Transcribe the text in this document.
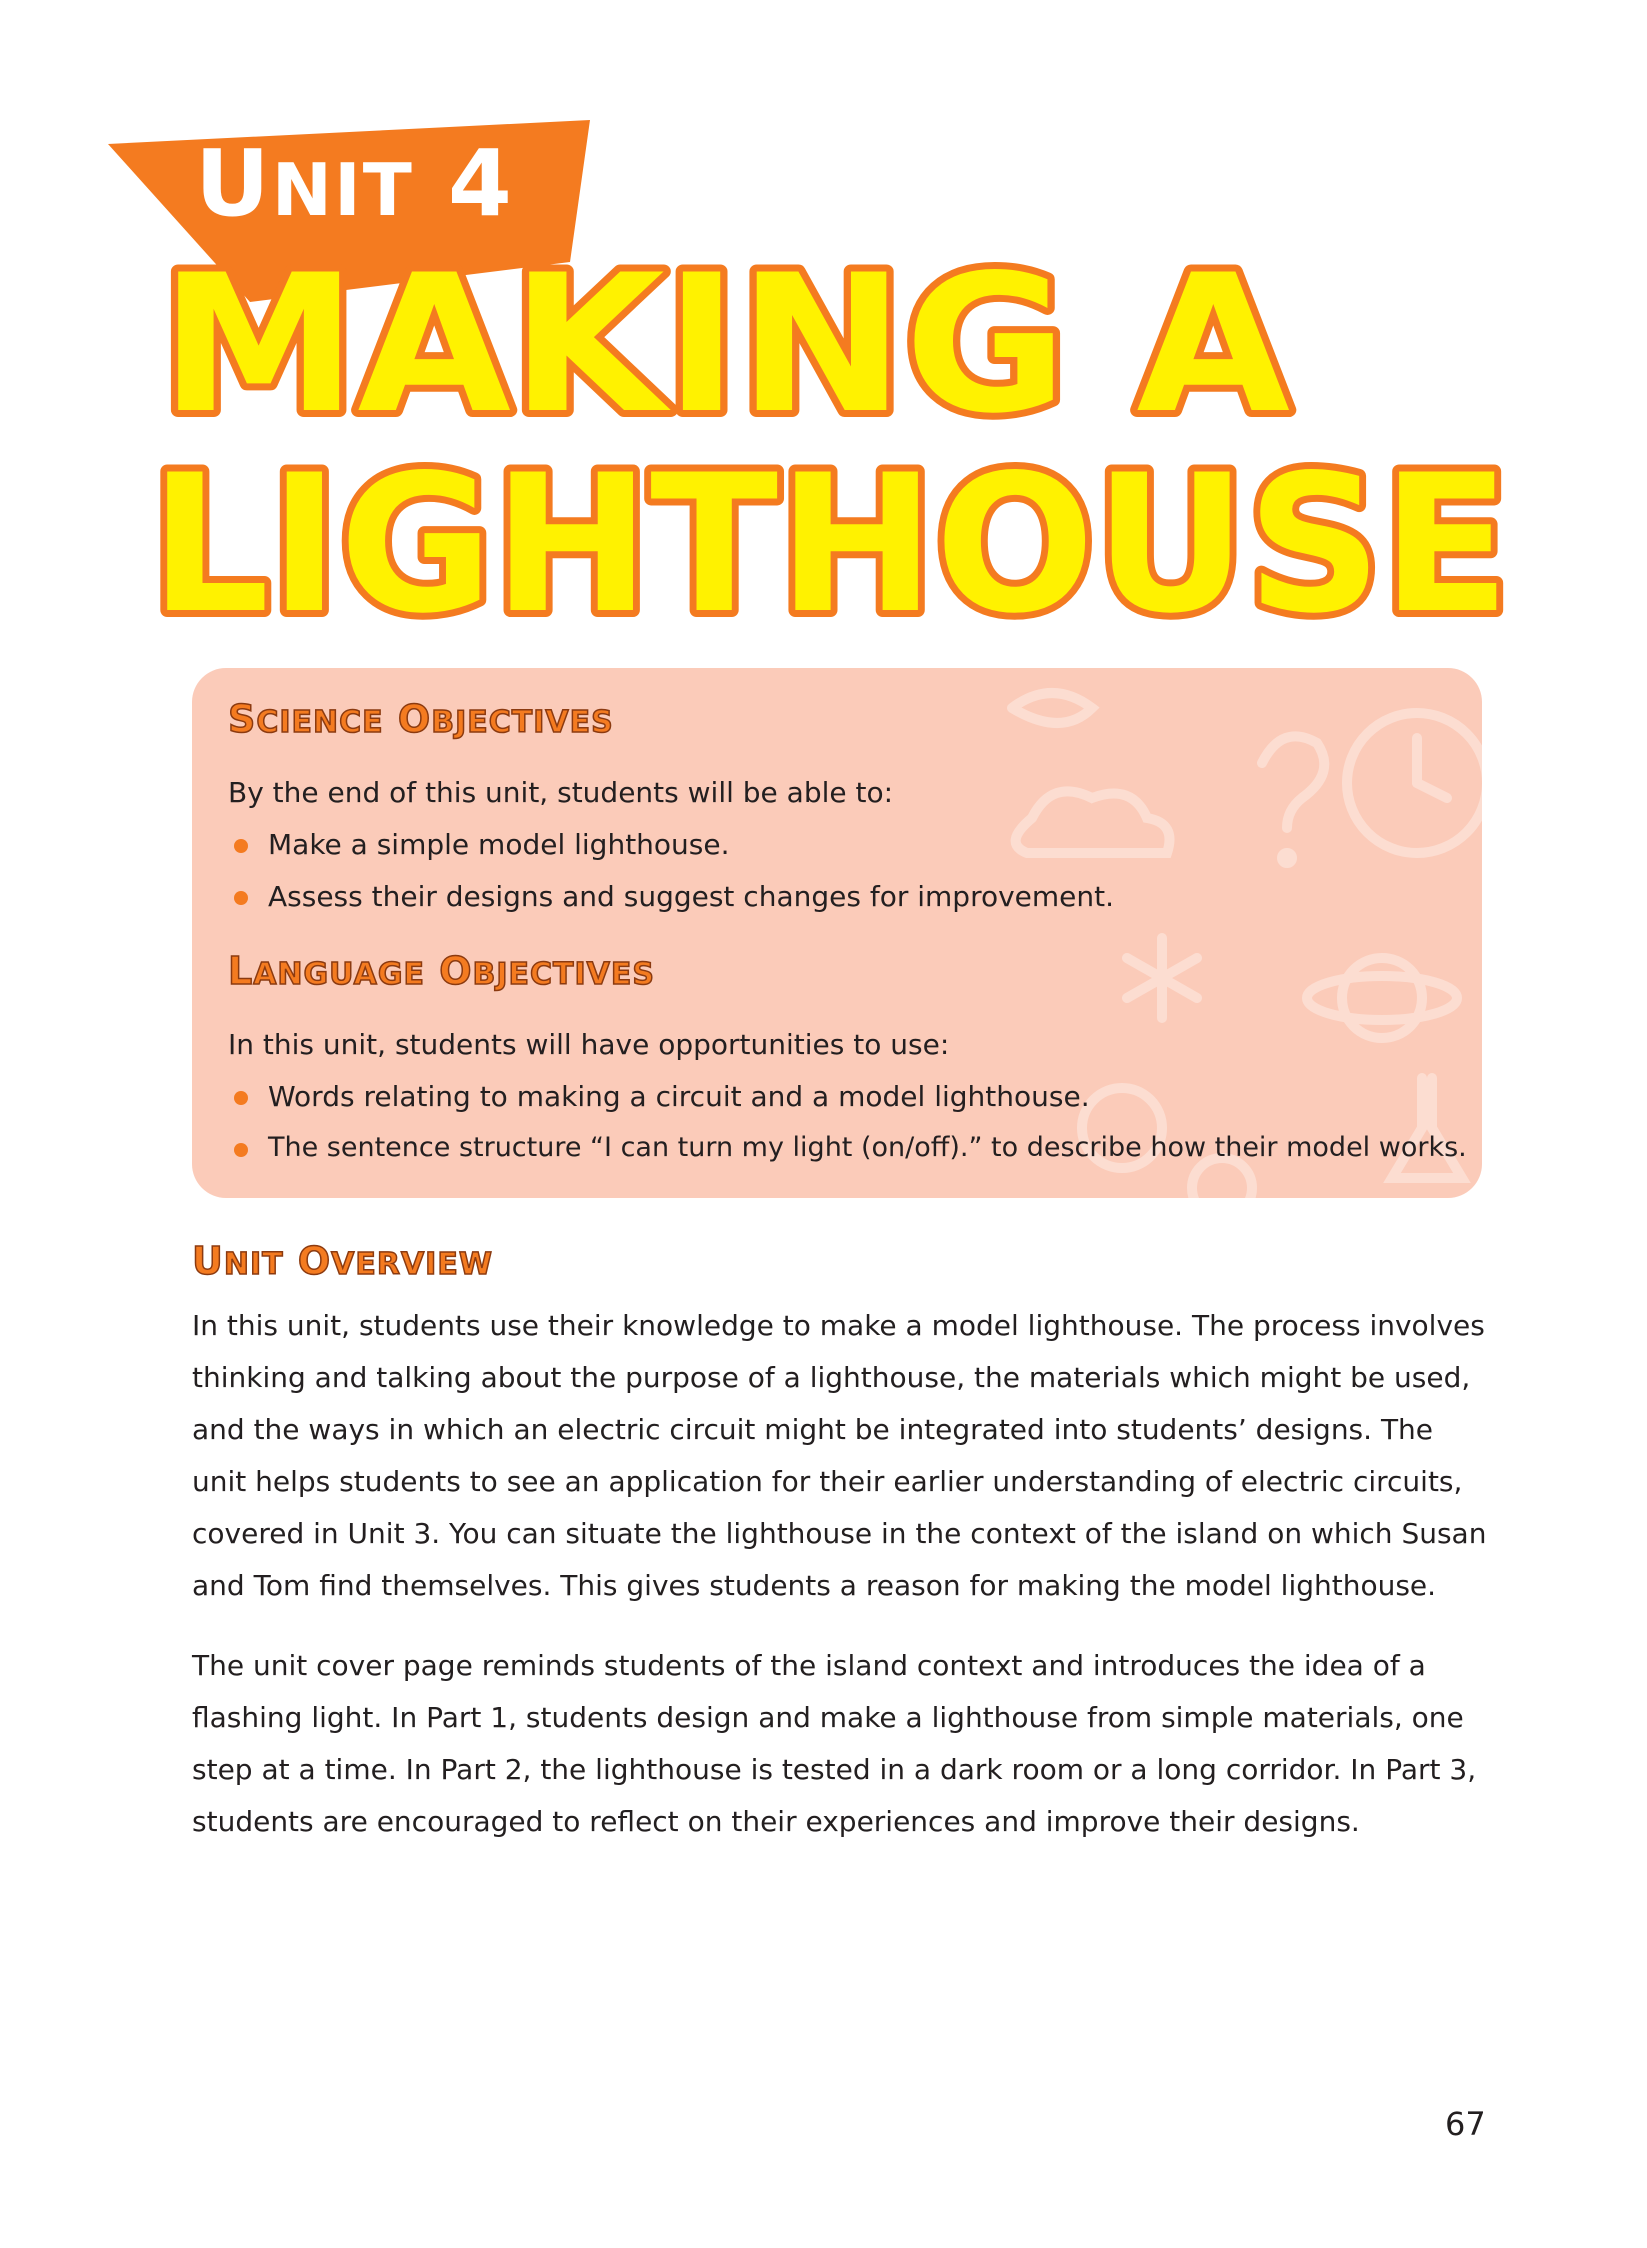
UNIT 4
MAKING A
LIGHTHOUSE
SCIENCE OBJECTIVES
By the end of this unit, students will be able to:
Make a simple model lighthouse.
Assess their designs and suggest changes for improvement.
LANGUAGE OBJECTIVES
In this unit, students will have opportunities to use:
Words relating to making a circuit and a model lighthouse.
The sentence structure “I can turn my light (on/off).” to describe how their model works.
UNIT OVERVIEW

In this unit, students use their knowledge to make a model lighthouse. The process involves thinking and talking about the purpose of a lighthouse, the materials which might be used, and the ways in which an electric circuit might be integrated into students’ designs. The unit helps students to see an application for their earlier understanding of electric circuits, covered in Unit 3. You can situate the lighthouse in the context of the island on which Susan and Tom find themselves. This gives students a reason for making the model lighthouse.

The unit cover page reminds students of the island context and introduces the idea of a flashing light. In Part 1, students design and make a lighthouse from simple materials, one step at a time. In Part 2, the lighthouse is tested in a dark room or a long corridor. In Part 3, students are encouraged to reflect on their experiences and improve their designs.

67
